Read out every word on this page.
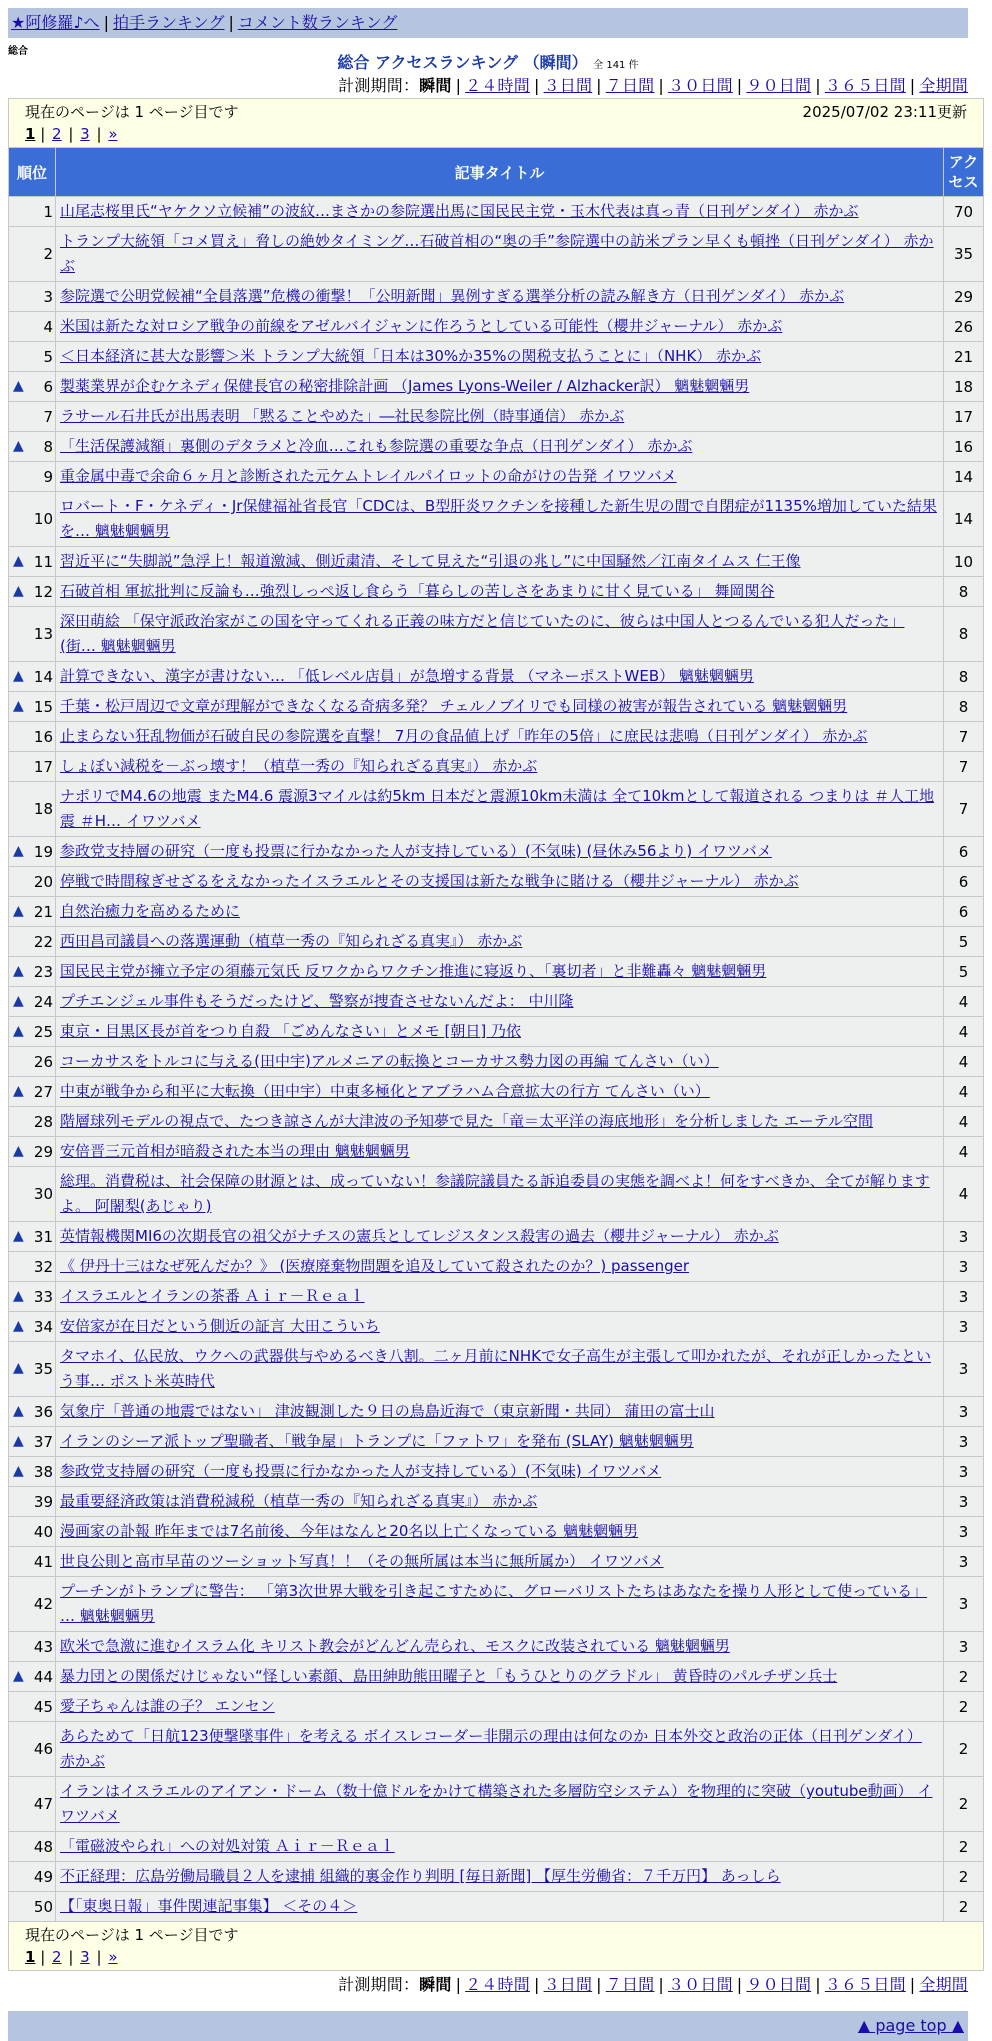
★阿修羅♪へ | 拍手ランキング | コメント数ランキング
総合
総合 アクセスランキング （瞬間） 全 141 件
計測期間：瞬間 | ２４時間 | ３日間 | ７日間 | ３０日間 | ９０日間 | ３６５日間 | 全期間
現在のページは 1 ページ目です 2025/07/02 23:11更新
1 | 2 | 3 | »		

順位	記事タイトル	アクセス
1	山尾志桜里氏“ヤケクソ立候補”の波紋…まさかの参院選出馬に国民民主党・玉木代表は真っ青（日刊ゲンダイ） 赤かぶ	70
2	トランプ大統領「コメ買え」脅しの絶妙タイミング…石破首相の“奥の手”参院選中の訪米プラン早くも頓挫（日刊ゲンダイ） 赤かぶ	35
3	参院選で公明党候補“全員落選”危機の衝撃！「公明新聞」異例すぎる選挙分析の読み解き方（日刊ゲンダイ） 赤かぶ	29
4	米国は新たな対ロシア戦争の前線をアゼルバイジャンに作ろうとしている可能性（櫻井ジャーナル） 赤かぶ	26
5	＜日本経済に甚大な影響＞米 トランプ大統領「日本は30%か35%の関税支払うことに」（NHK） 赤かぶ	21

▲ 6	製薬業界が企むケネディ保健長官の秘密排除計画 （James Lyons-Weiler / Alzhacker訳） 魑魅魍魎男	18
7	ラサール石井氏が出馬表明 「黙ることやめた」―社民参院比例（時事通信） 赤かぶ	17

▲ 8	「生活保護減額」裏側のデタラメと冷血…これも参院選の重要な争点（日刊ゲンダイ） 赤かぶ	16
9	重金属中毒で余命６ヶ月と診断された元ケムトレイルパイロットの命がけの告発 イワツバメ	14
10	ロバート・F・ケネディ・Jr保健福祉省長官「CDCは、B型肝炎ワクチンを接種した新生児の間で自閉症が1135%増加していた結果を… 魑魅魍魎男	14

▲ 11	習近平に“失脚説”急浮上！報道激減、側近粛清、そして見えた“引退の兆し”に中国騒然／江南タイムス 仁王像	10

▲ 12	石破首相 軍拡批判に反論も…強烈しっぺ返し食らう「暮らしの苦しさをあまりに甘く見ている」 舞岡関谷	8
13	深田萌絵 「保守派政治家がこの国を守ってくれる正義の味方だと信じていたのに、彼らは中国人とつるんでいる犯人だった」(街… 魑魅魍魎男	8

▲ 14	計算できない、漢字が書けない… 「低レベル店員」が急増する背景 （マネーポストWEB） 魑魅魍魎男	8

▲ 15	千葉・松戸周辺で文章が理解ができなくなる奇病多発？ チェルノブイリでも同様の被害が報告されている 魑魅魍魎男	8
16	止まらない狂乱物価が石破自民の参院選を直撃！ 7月の食品値上げ「昨年の5倍」に庶民は悲鳴（日刊ゲンダイ） 赤かぶ	7
17	しょぼい減税を－ぶっ壊す！（植草一秀の『知られざる真実』） 赤かぶ	7
18	ナポリでM4.6の地震 またM4.6 震源3マイルは約5km 日本だと震源10km未満は 全て10kmとして報道される つまりは ＃人工地震 ＃H… イワツバメ	7

▲ 19	参政党支持層の研究（一度も投票に行かなかった人が支持している）(不気味) (昼休み56より) イワツバメ	6
20	停戦で時間稼ぎせざるをえなかったイスラエルとその支援国は新たな戦争に賭ける（櫻井ジャーナル） 赤かぶ	6

▲ 21	自然治癒力を高めるために	6
22	西田昌司議員への落選運動（植草一秀の『知られざる真実』） 赤かぶ	5

▲ 23	国民民主党が擁立予定の須藤元気氏 反ワクからワクチン推進に寝返り、「裏切者」と非難轟々 魑魅魍魎男	5

▲ 24	プチエンジェル事件もそうだったけど、警察が捜査させないんだよ： 中川隆	4

▲ 25	東京・目黒区長が首をつり自殺 「ごめんなさい」とメモ [朝日] 乃依	4
26	コーカサスをトルコに与える(田中宇)アルメニアの転換とコーカサス勢力図の再編 てんさい（い）	4

▲ 27	中東が戦争から和平に大転換（田中宇）中東多極化とアブラハム合意拡大の行方 てんさい（い）	4
28	階層球列モデルの視点で、たつき諒さんが大津波の予知夢で見た「竜＝太平洋の海底地形」を分析しました エーテル空間	4

▲ 29	安倍晋三元首相が暗殺された本当の理由 魑魅魍魎男	4
30	総理。消費税は、社会保障の財源とは、成っていない！参議院議員たる訴追委員の実態を調べよ！何をすべきか、全てが解りますよ。 阿闍梨(あじゃり)	4

▲ 31	英情報機関MI6の次期長官の祖父がナチスの憲兵としてレジスタンス殺害の過去（櫻井ジャーナル） 赤かぶ	3
32	《 伊丹十三はなぜ死んだか？》 (医療廃棄物問題を追及していて殺されたのか？) passenger	3

▲ 33	イスラエルとイランの茶番 Ａｉｒ－Ｒｅａｌ	3

▲ 34	安倍家が在日だという側近の証言 大田こういち	3

▲ 35	タマホイ、仏民放、ウクへの武器供与やめるべき八割。二ヶ月前にNHKで女子高生が主張して叩かれたが、それが正しかったという事… ポスト米英時代	3

▲ 36	気象庁「普通の地震ではない」 津波観測した９日の鳥島近海で（東京新聞・共同） 蒲田の富士山	3

▲ 37	イランのシーア派トップ聖職者、「戦争屋」トランプに「ファトワ」を発布 (SLAY) 魑魅魍魎男	3

▲ 38	参政党支持層の研究（一度も投票に行かなかった人が支持している）(不気味) イワツバメ	3
39	最重要経済政策は消費税減税（植草一秀の『知られざる真実』） 赤かぶ	3
40	漫画家の訃報 昨年までは7名前後、今年はなんと20名以上亡くなっている 魑魅魍魎男	3
41	世良公則と高市早苗のツーショット写真！！（その無所属は本当に無所属か） イワツバメ	3
42	プーチンがトランプに警告： 「第3次世界大戦を引き起こすために、グローバリストたちはあなたを操り人形として使っている」 … 魑魅魍魎男	3
43	欧米で急激に進むイスラム化 キリスト教会がどんどん売られ、モスクに改装されている 魑魅魍魎男	3

▲ 44	暴力団との関係だけじゃない“怪しい素顔、島田紳助熊田曜子と「もうひとりのグラドル」 黄昏時のパルチザン兵士	2
45	愛子ちゃんは誰の子？ エンセン	2
46	あらためて「日航123便撃墜事件」を考える ボイスレコーダー非開示の理由は何なのか 日本外交と政治の正体（日刊ゲンダイ） 赤かぶ	2
47	イランはイスラエルのアイアン・ドーム（数十億ドルをかけて構築された多層防空システム）を物理的に突破（youtube動画） イワツバメ	2
48	「電磁波やられ」への対処対策 Ａｉｒ－Ｒｅａｌ	2
49	不正経理：広島労働局職員２人を逮捕 組織的裏金作り判明 [毎日新聞] 【厚生労働省：７千万円】 あっしら	2
50	【「東奥日報」事件関連記事集】 ＜その４＞	2

現在のページは 1 ページ目です
1 | 2 | 3 | »		
計測期間：瞬間 | ２４時間 | ３日間 | ７日間 | ３０日間 | ９０日間 | ３６５日間 | 全期間
▲ page top ▲
